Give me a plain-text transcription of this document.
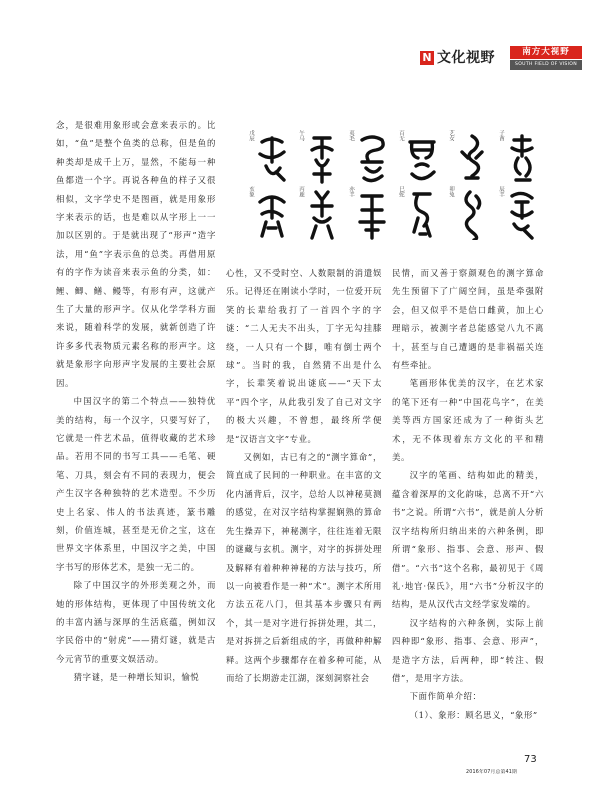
N 文化视野	南方大视野
SOUTH FIELD OF VISION
戊辰	午马	夷毛	百无	艺女	子酋
亥象	丙鹿	亦羊	巳蛇	卯兔	辰羊

念，是很难用象形或会意来表示的。比如，“鱼”是整个鱼类的总称，但是鱼的种类却是成千上万，显然，不能每一种鱼都造一个字。再说各种鱼的样子又很相似，文字学史不是图画，就是用象形字来表示的话，也是难以从字形上一一加以区别的。于是就出现了“形声”造字法，用“鱼”字表示鱼的总类。再借用原有的字作为读音来表示鱼的分类，如：鲤、鲫、鳝、鳗等，有形有声，这就产生了大量的形声字。仅从化学学科方面来说，随着科学的发展，就新创造了许许多多代表物质元素名称的形声字。这就是象形字向形声字发展的主要社会原因。

中国汉字的第二个特点——独特优美的结构，每一个汉字，只要写好了，它就是一件艺术品，值得收藏的艺术珍品。若用不同的书写工具——毛笔、硬笔、刀具，刻会有不同的表现力，便会产生汉字各种独特的艺术造型。不少历史上名家、伟人的书法真迹，篆书雕刻，价值连城，甚至是无价之宝，这在世界文字体系里，中国汉字之美，中国字书写的形体艺术，是独一无二的。

除了中国汉字的外形美观之外，而她的形体结构，更体现了中国传统文化的丰富内涵与深厚的生活底蕴，例如汉字民俗中的“射虎”——猜灯谜，就是古今元宵节的重要文娱活动。

猜字谜，是一种增长知识，愉悦

心性，又不受时空、人数限制的消遣娱乐。记得还在刚读小学时，一位爱开玩笑的长辈给我打了一首四个字的字谜：“二人无夫不出头，丁字无勾挂膝绕，一人只有一个脚，唯有倒士两个球”。当时的我，自然猜不出是什么字，长辈笑着说出谜底——“天下太平”四个字，从此我引发了自己对文字的极大兴趣，不曾想，最终所学便是“汉语言文字”专业。

又例如，古已有之的“测字算命”，简直成了民间的一种职业。在丰富的文化内涵背后，汉字，总给人以神秘莫测的感觉，在对汉字结构掌握娴熟的算命先生操弄下，神秘测字，往往连着无限的谜藏与玄机。测字，对字的拆拼处理及解释有着种种神秘的方法与技巧，所以一向被看作是一种“术”。测字术所用方法五花八门，但其基本步骤只有两个，其一是对字进行拆拼处理，其二，是对拆拼之后新组成的字，再做种种解释。这两个步骤都存在着多种可能，从而给了长期游走江湖，深刻洞察社会

民情，而又善于察颜观色的测字算命先生预留下了广阔空间，虽是牵强附会，但又似乎不是信口雌黄，加上心理暗示，被测字者总能感觉八九不离十，甚至与自己遭遇的是非祸福关连有些牵扯。

笔画形体优美的汉字，在艺术家的笔下还有一种“中国花鸟字”，在美美等西方国家还成为了一种街头艺术，无不体现着东方文化的平和精美。

汉字的笔画、结构如此的精美，蕴含着深厚的文化韵味，总离不开“六书”之说。所谓“六书”，就是前人分析汉字结构所归纳出来的六种条例，即所谓“象形、指事、会意、形声、假借”。“六书”这个名称，最初见于《周礼·地官·保氏》，用“六书”分析汉字的结构，是从汉代古文经学家发端的。

汉字结构的六种条例，实际上前四种即“象形、指事、会意、形声”，是造字方法，后两种，即“转注、假借”，是用字方法。

下面作简单介绍：

（1）、象形：顾名思义，“象形”

73
2016年07月总第41期
